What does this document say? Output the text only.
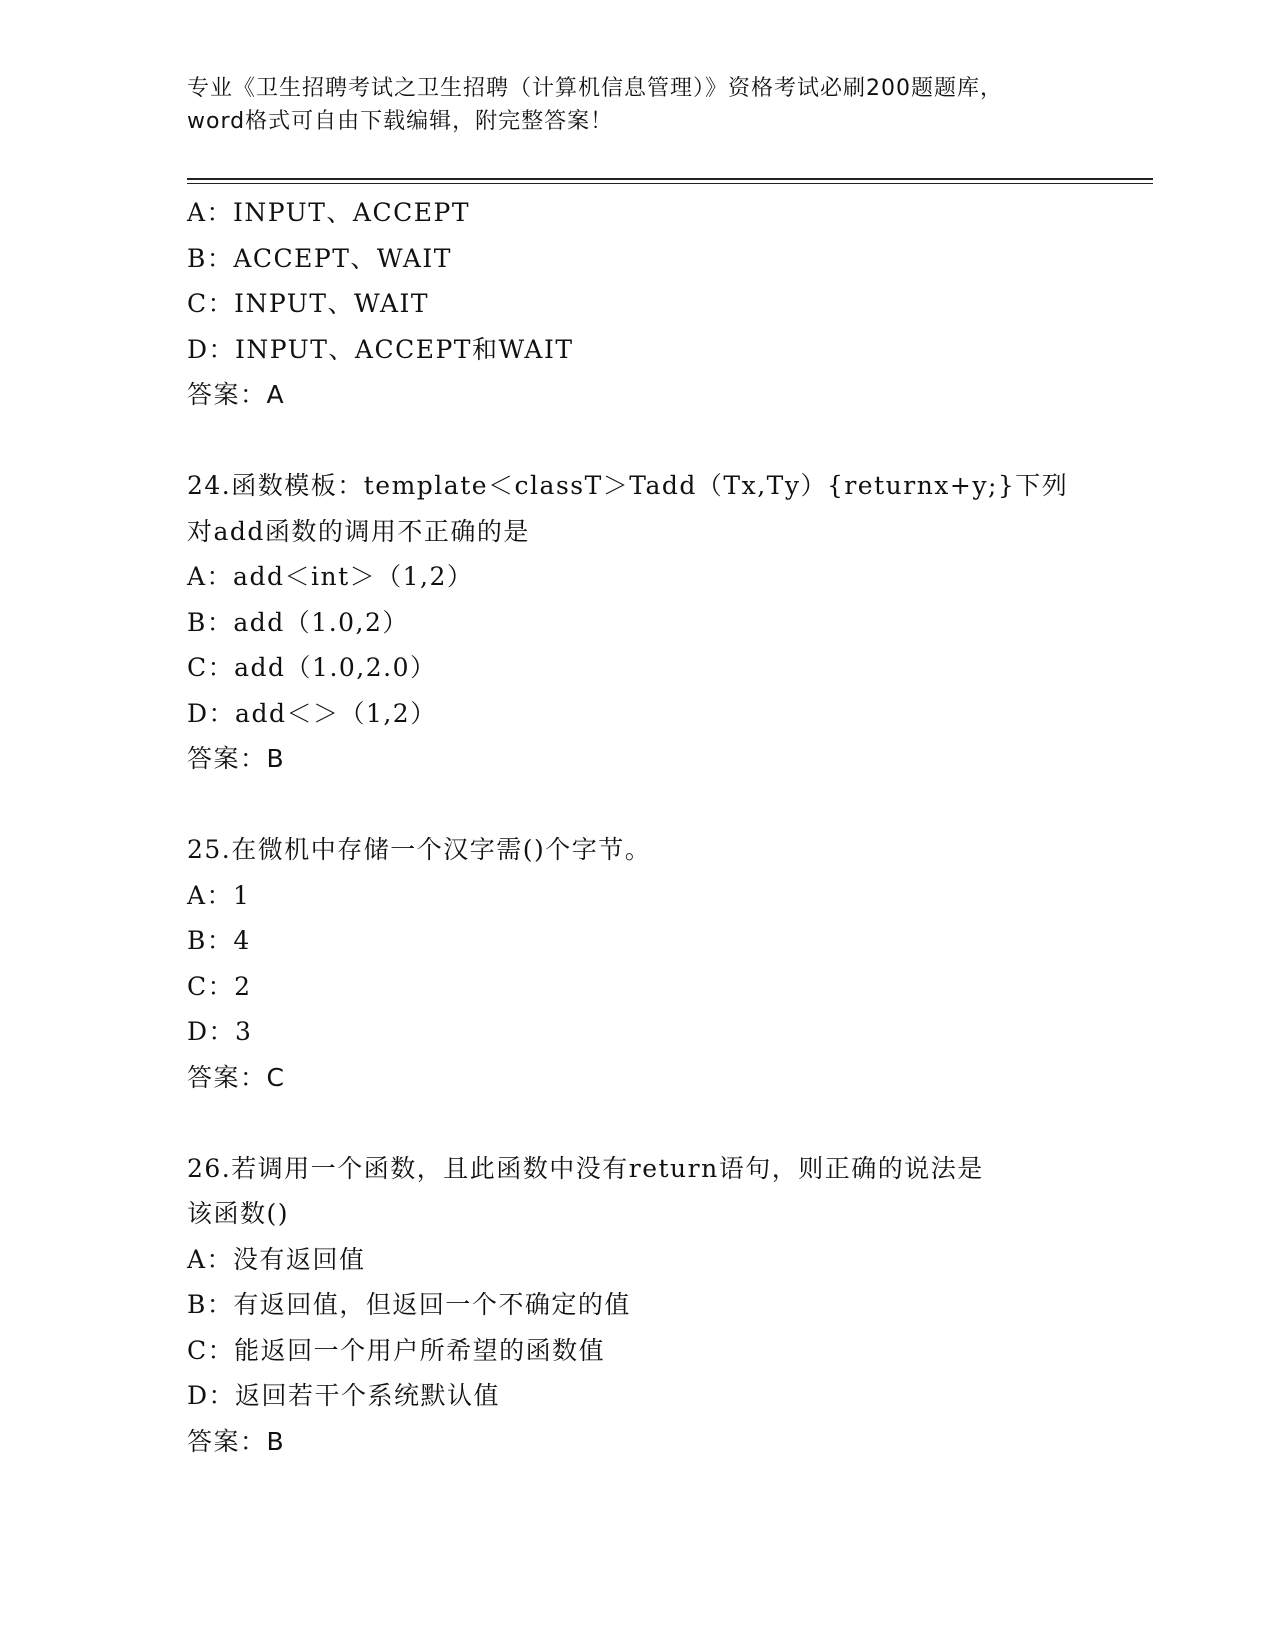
专业《卫生招聘考试之卫生招聘（计算机信息管理）》资格考试必刷200题题库，
word格式可自由下载编辑，附完整答案！
A：INPUT、ACCEPT
B：ACCEPT、WAIT
C：INPUT、WAIT
D：INPUT、ACCEPT和WAIT
答案：A
24.函数模板：template＜classT＞Tadd（Tx,Ty）{returnx+y;}下列
对add函数的调用不正确的是
A：add＜int＞（1,2）
B：add（1.0,2）
C：add（1.0,2.0）
D：add＜＞（1,2）
答案：B
25.在微机中存储一个汉字需()个字节。
A：1
B：4
C：2
D：3
答案：C
26.若调用一个函数，且此函数中没有return语句，则正确的说法是
该函数()
A：没有返回值
B：有返回值，但返回一个不确定的值
C：能返回一个用户所希望的函数值
D：返回若干个系统默认值
答案：B
